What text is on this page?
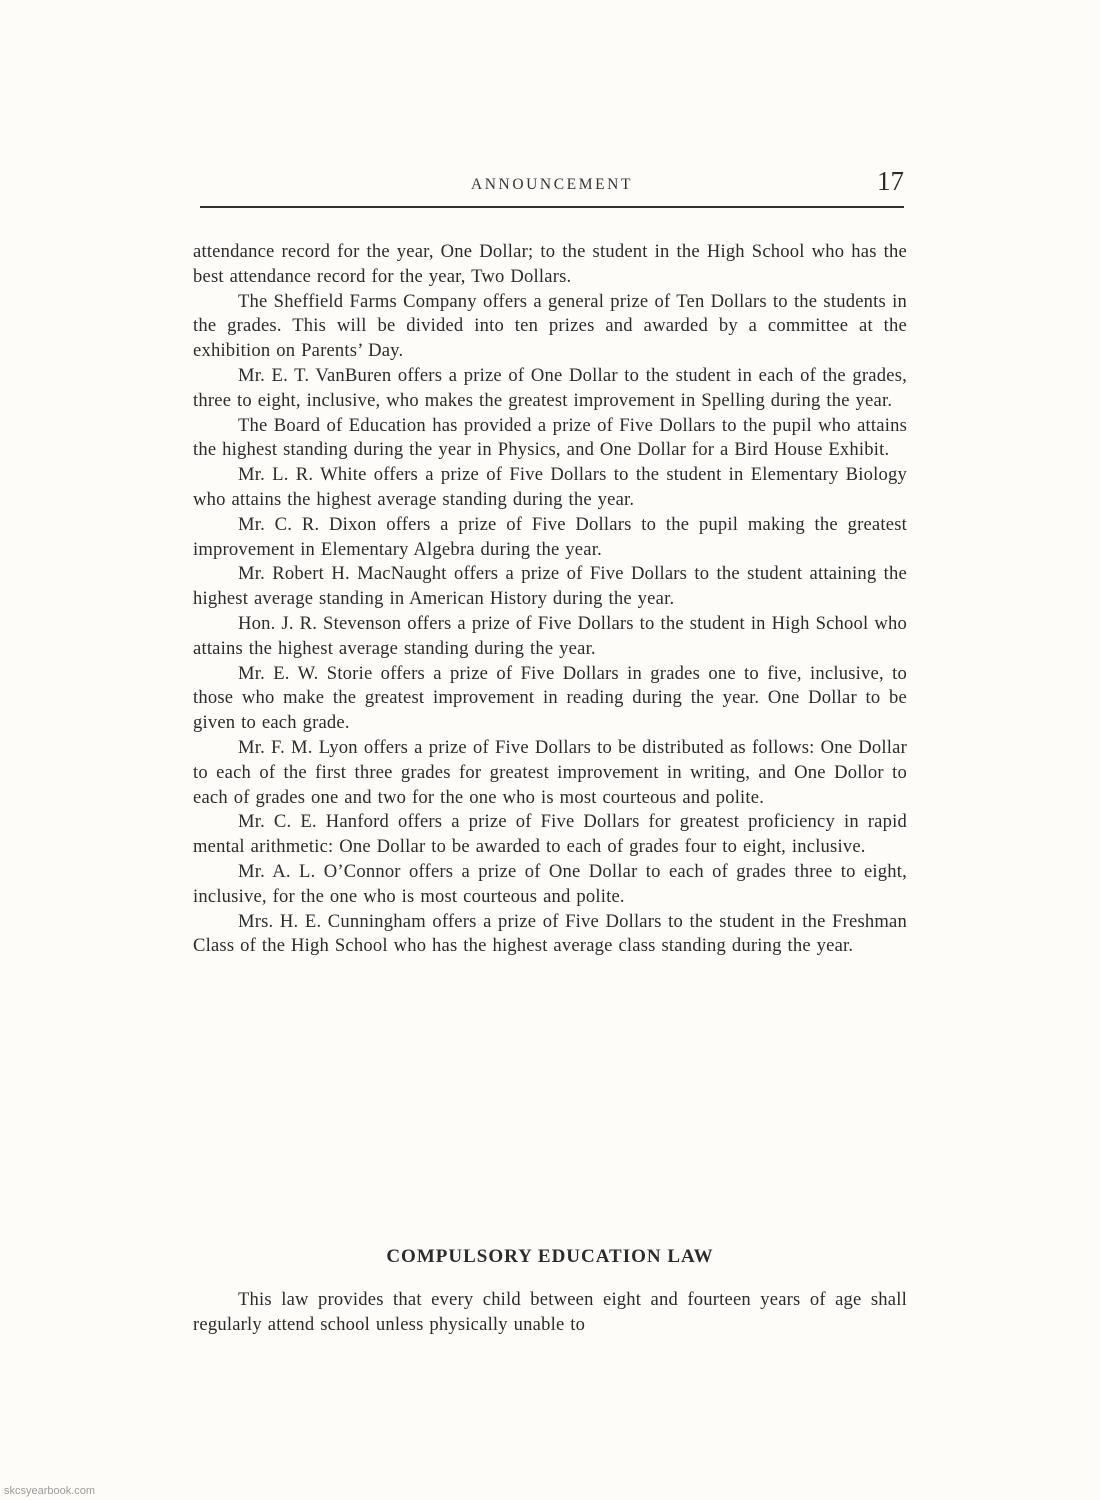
ANNOUNCEMENT	17

attendance record for the year, One Dollar; to the student in the High School who has the best attendance record for the year, Two Dollars.

The Sheffield Farms Company offers a general prize of Ten Dollars to the students in the grades. This will be divided into ten prizes and awarded by a committee at the exhibition on Parents’ Day.

Mr. E. T. VanBuren offers a prize of One Dollar to the student in each of the grades, three to eight, inclusive, who makes the greatest improvement in Spelling during the year.

The Board of Education has provided a prize of Five Dollars to the pupil who attains the highest standing during the year in Physics, and One Dollar for a Bird House Exhibit.

Mr. L. R. White offers a prize of Five Dollars to the student in Elementary Biology who attains the highest average standing during the year.

Mr. C. R. Dixon offers a prize of Five Dollars to the pupil making the greatest improvement in Elementary Algebra during the year.

Mr. Robert H. MacNaught offers a prize of Five Dollars to the student attaining the highest average standing in American History during the year.

Hon. J. R. Stevenson offers a prize of Five Dollars to the student in High School who attains the highest average standing during the year.

Mr. E. W. Storie offers a prize of Five Dollars in grades one to five, inclusive, to those who make the greatest improvement in reading during the year. One Dollar to be given to each grade.

Mr. F. M. Lyon offers a prize of Five Dollars to be distributed as follows: One Dollar to each of the first three grades for greatest improvement in writing, and One Dollor to each of grades one and two for the one who is most courteous and polite.

Mr. C. E. Hanford offers a prize of Five Dollars for greatest proficiency in rapid mental arithmetic: One Dollar to be awarded to each of grades four to eight, inclusive.

Mr. A. L. O’Connor offers a prize of One Dollar to each of grades three to eight, inclusive, for the one who is most courteous and polite.

Mrs. H. E. Cunningham offers a prize of Five Dollars to the student in the Freshman Class of the High School who has the highest average class standing during the year.

COMPULSORY EDUCATION LAW

This law provides that every child between eight and fourteen years of age shall regularly attend school unless physically unable to

skcsyearbook.com
